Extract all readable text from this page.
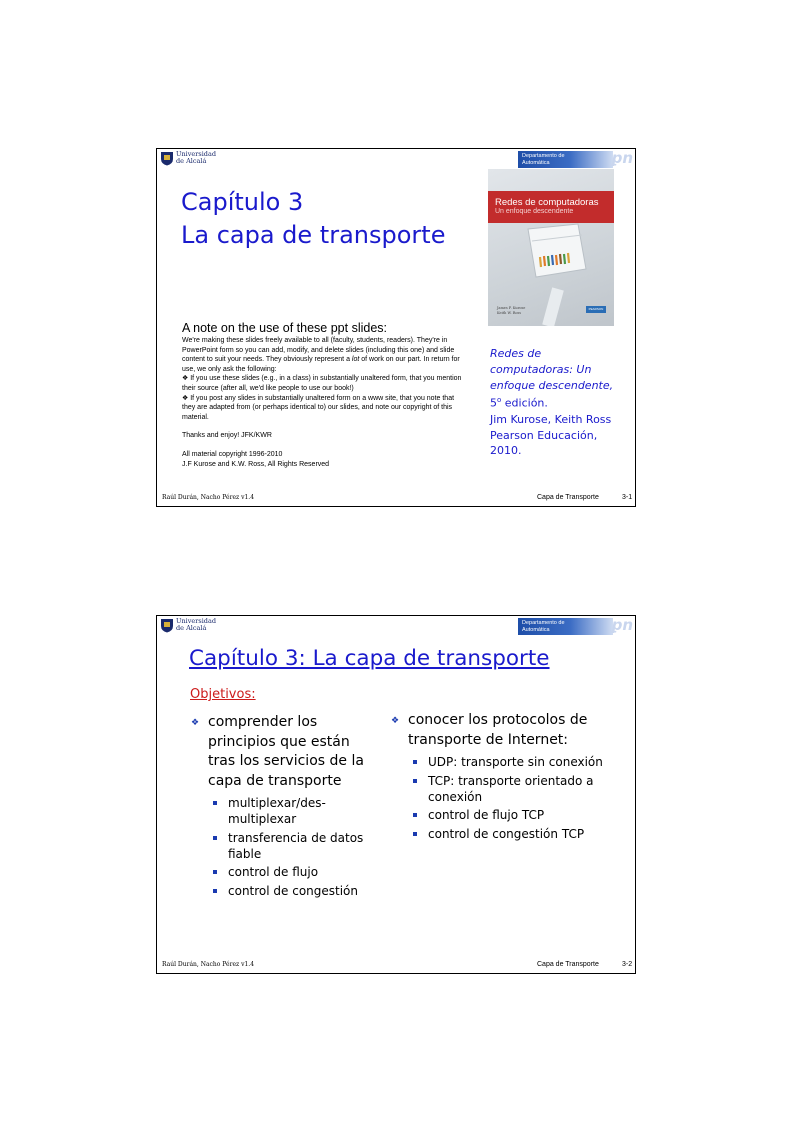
Universidad
de Alcalá
Departamento de
Automática	ꝑn
Capítulo 3
La capa de transporte
Redes de computadoras
Un enfoque descendente
James F. Kurose
Keith W. Ross
PEARSON
A note on the use of these ppt slides:

We're making these slides freely available to all (faculty, students, readers). They're in PowerPoint form so you can add, modify, and delete slides (including this one) and slide content to suit your needs. They obviously represent a lot of work on our part. In return for use, we only ask the following:

❖ If you use these slides (e.g., in a class) in substantially unaltered form, that you mention their source (after all, we'd like people to use our book!)

❖ If you post any slides in substantially unaltered form on a www site, that you note that they are adapted from (or perhaps identical to) our slides, and note our copyright of this material.

Thanks and enjoy! JFK/KWR

All material copyright 1996-2010

J.F Kurose and K.W. Ross, All Rights Reserved

Redes de
computadoras: Un
enfoque descendente,
5$^o$ edición.
Jim Kurose, Keith Ross
Pearson Educación,
2010.
Raúl Durán, Nacho Pérez v1.4	Capa de Transporte	3-1
Universidad
de Alcalá
Departamento de
Automática	ꝑn
Capítulo 3: La capa de transporte
Objetivos:
❖ comprender los principios que están tras los servicios de la capa de transporte
multiplexar/des-multiplexar
transferencia de datos fiable
control de flujo
control de congestión
❖ conocer los protocolos de transporte de Internet:
UDP: transporte sin conexión
TCP: transporte orientado a conexión
control de flujo TCP
control de congestión TCP
Raúl Durán, Nacho Pérez v1.4	Capa de Transporte	3-2
